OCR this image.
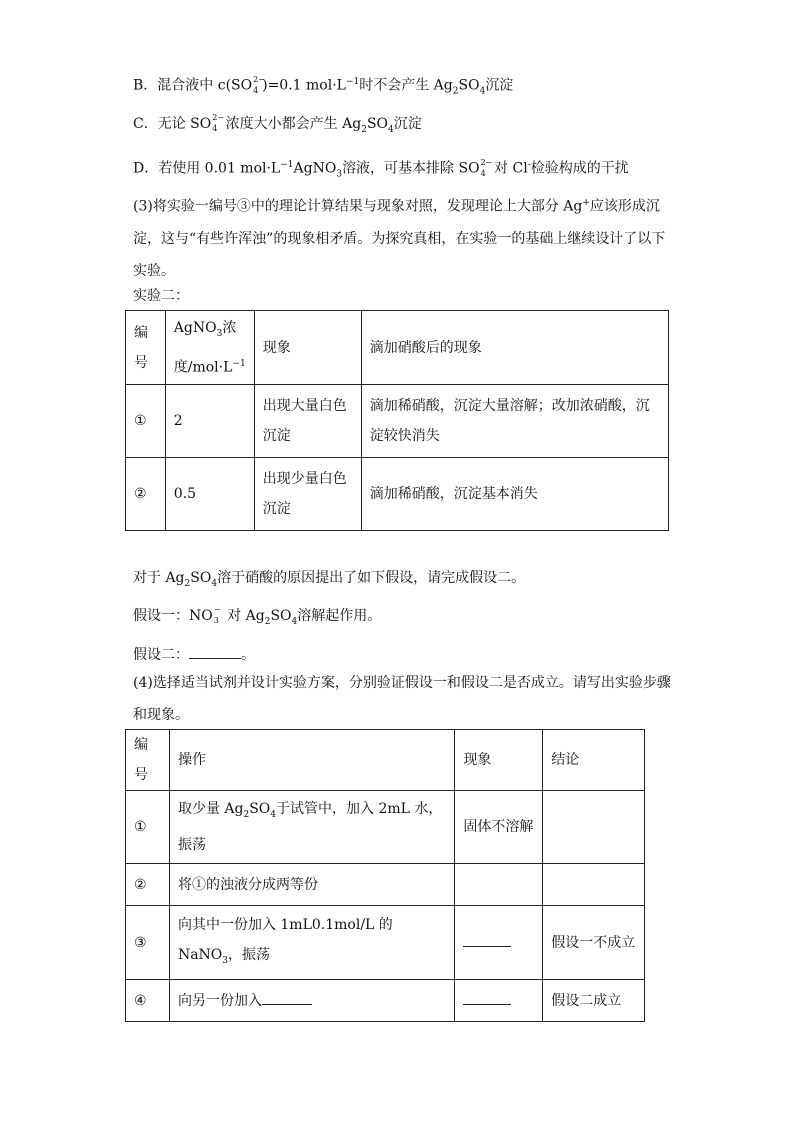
B．混合液中 c(SO 2−
4 )=0.1 $mol\cdot L^{-1}$时不会产生 $Ag_2SO_4$沉淀
C．无论 SO 2−
4 浓度大小都会产生 $Ag_2SO_4$沉淀
D．若使用 0.01 $mol\cdot L^{-1}AgNO_3$溶液，可基本排除 SO 2−
4 对 Cl-检验构成的干扰
(3)将实验一编号③中的理论计算结果与现象对照，发现理论上大部分 Ag+应该形成沉淀，这与“有些许浑浊”的现象相矛盾。为探究真相，在实验一的基础上继续设计了以下实验。
实验二：
编号	AgNO$_3$浓度$/mol\cdot L^{-1}$	现象	滴加硝酸后的现象
①	2	出现大量白色沉淀	滴加稀硝酸，沉淀大量溶解；改加浓硝酸，沉淀较快消失
②	0.5	出现少量白色沉淀	滴加稀硝酸，沉淀基本消失
对于 $Ag_2SO_4$溶于硝酸的原因提出了如下假设，请完成假设二。
假设一：NO −
3 对 $Ag_2SO_4$溶解起作用。
假设二：	。
(4)选择适当试剂并设计实验方案，分别验证假设一和假设二是否成立。请写出实验步骤和现象。
编号	操作	现象	结论
①	取少量 $Ag_2SO_4$于试管中，加入 2mL 水，振荡	固体不溶解	
②	将①的浊液分成两等份		
③	向其中一份加入 1mL0.1mol/L 的 NaNO$_3$，振荡		假设一不成立
④	向另一份加入		假设二成立
